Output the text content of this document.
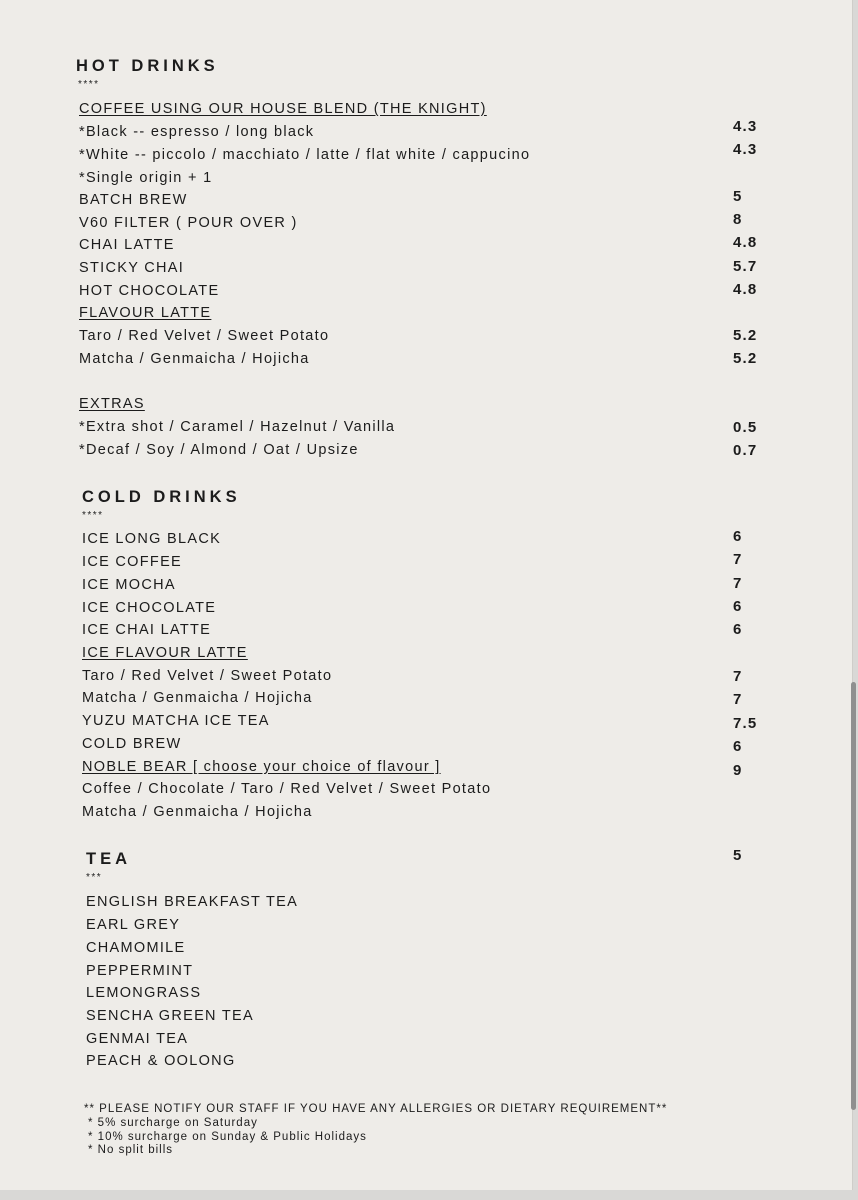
HOT DRINKS
****
COFFEE USING OUR HOUSE BLEND (THE KNIGHT)
*Black -- espresso / long black	4.3
*White -- piccolo / macchiato / latte / flat white / cappucino	4.3
*Single origin + 1
BATCH BREW	5
V60 FILTER ( POUR OVER )	8
CHAI LATTE	4.8
STICKY CHAI	5.7
HOT CHOCOLATE	4.8
FLAVOUR LATTE
Taro / Red Velvet / Sweet Potato	5.2
Matcha / Genmaicha / Hojicha	5.2
EXTRAS
*Extra shot / Caramel / Hazelnut / Vanilla	0.5
*Decaf / Soy / Almond / Oat / Upsize	0.7
COLD DRINKS
****
ICE LONG BLACK	6
ICE COFFEE	7
ICE MOCHA	7
ICE CHOCOLATE	6
ICE CHAI LATTE	6
ICE FLAVOUR LATTE
Taro / Red Velvet / Sweet Potato	7
Matcha / Genmaicha / Hojicha	7
YUZU MATCHA ICE TEA	7.5
COLD BREW	6
NOBLE BEAR [ choose your choice of flavour ]	9
Coffee / Chocolate / Taro / Red Velvet / Sweet Potato
Matcha / Genmaicha / Hojicha
TEA	5
***
ENGLISH BREAKFAST TEA
EARL GREY
CHAMOMILE
PEPPERMINT
LEMONGRASS
SENCHA GREEN TEA
GENMAI TEA
PEACH & OOLONG
** PLEASE NOTIFY OUR STAFF IF YOU HAVE ANY ALLERGIES OR DIETARY REQUIREMENT**
* 5% surcharge on Saturday
* 10% surcharge on Sunday & Public Holidays
* No split bills
